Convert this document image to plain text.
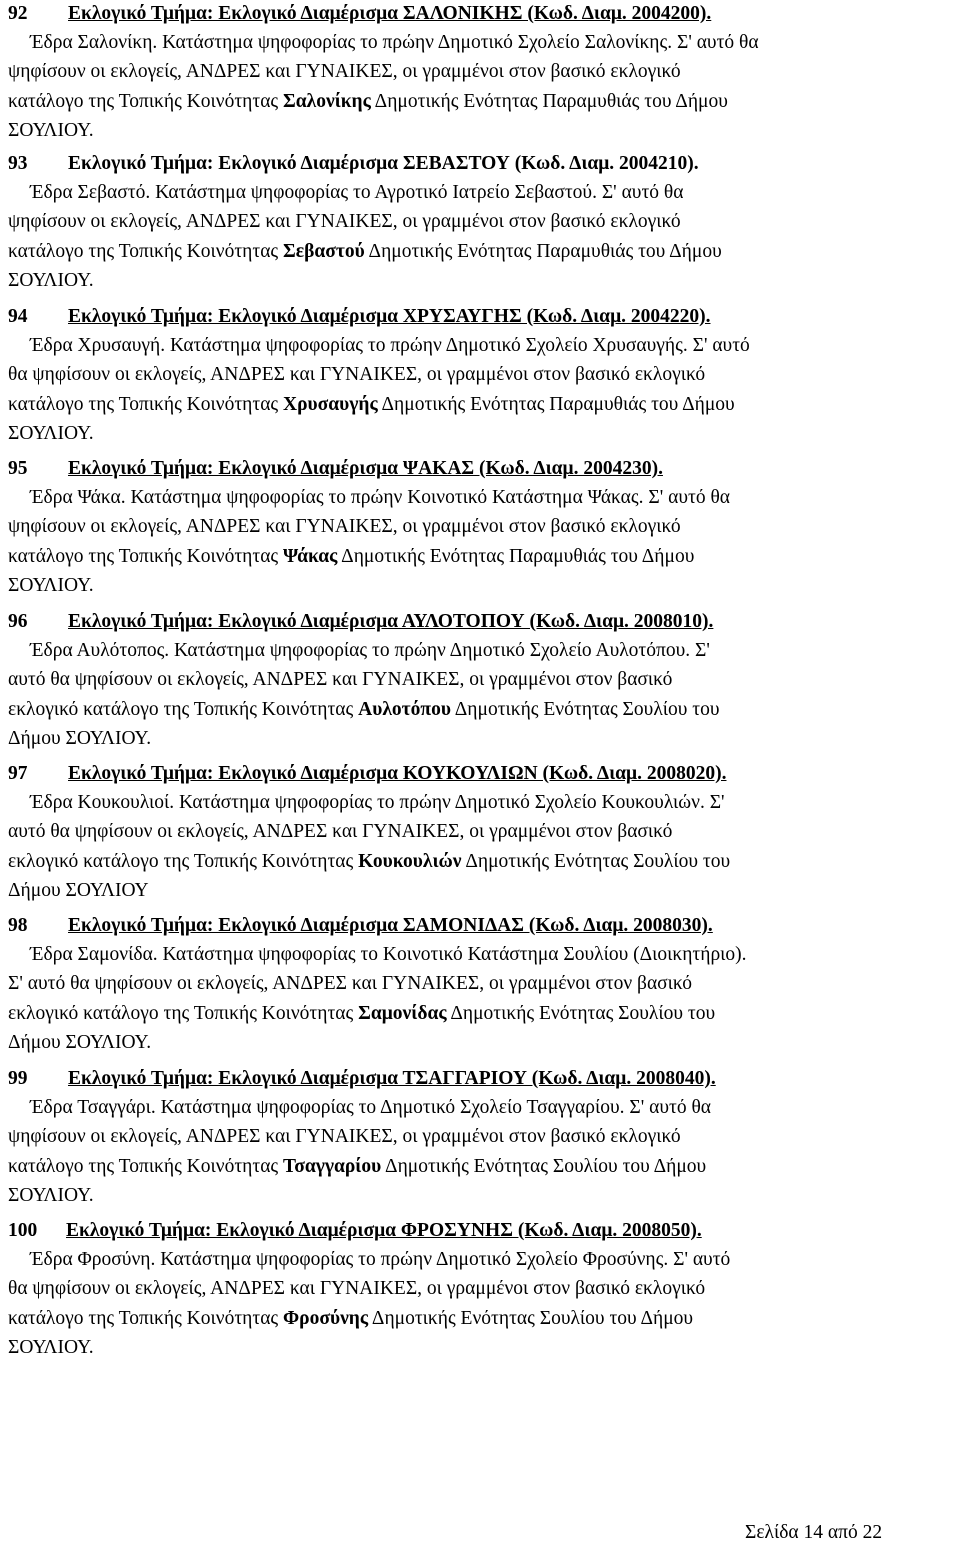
92 Εκλογικό Τμήμα: Εκλογικό Διαμέρισμα ΣΑΛΟΝΙΚΗΣ (Κωδ. Διαμ. 2004200).
Έδρα Σαλονίκη. Κατάστημα ψηφοφορίας το πρώην Δημοτικό Σχολείο Σαλονίκης. Σ' αυτό θα
ψηφίσουν οι εκλογείς, ΑΝΔΡΕΣ και ΓΥΝΑΙΚΕΣ, οι γραμμένοι στον βασικό εκλογικό
κατάλογο της Τοπικής Κοινότητας Σαλονίκης Δημοτικής Ενότητας Παραμυθιάς του Δήμου
ΣΟΥΛΙΟΥ.
93 Εκλογικό Τμήμα: Εκλογικό Διαμέρισμα ΣΕΒΑΣΤΟΥ (Κωδ. Διαμ. 2004210).
Έδρα Σεβαστό. Κατάστημα ψηφοφορίας το Αγροτικό Ιατρείο Σεβαστού. Σ' αυτό θα
ψηφίσουν οι εκλογείς, ΑΝΔΡΕΣ και ΓΥΝΑΙΚΕΣ, οι γραμμένοι στον βασικό εκλογικό
κατάλογο της Τοπικής Κοινότητας Σεβαστού Δημοτικής Ενότητας Παραμυθιάς του Δήμου
ΣΟΥΛΙΟΥ.
94 Εκλογικό Τμήμα: Εκλογικό Διαμέρισμα ΧΡΥΣΑΥΓΗΣ (Κωδ. Διαμ. 2004220).
Έδρα Χρυσαυγή. Κατάστημα ψηφοφορίας το πρώην Δημοτικό Σχολείο Χρυσαυγής. Σ' αυτό
θα ψηφίσουν οι εκλογείς, ΑΝΔΡΕΣ και ΓΥΝΑΙΚΕΣ, οι γραμμένοι στον βασικό εκλογικό
κατάλογο της Τοπικής Κοινότητας Χρυσαυγής Δημοτικής Ενότητας Παραμυθιάς του Δήμου
ΣΟΥΛΙΟΥ.
95 Εκλογικό Τμήμα: Εκλογικό Διαμέρισμα ΨΑΚΑΣ (Κωδ. Διαμ. 2004230).
Έδρα Ψάκα. Κατάστημα ψηφοφορίας το πρώην Κοινοτικό Κατάστημα Ψάκας. Σ' αυτό θα
ψηφίσουν οι εκλογείς, ΑΝΔΡΕΣ και ΓΥΝΑΙΚΕΣ, οι γραμμένοι στον βασικό εκλογικό
κατάλογο της Τοπικής Κοινότητας Ψάκας Δημοτικής Ενότητας Παραμυθιάς του Δήμου
ΣΟΥΛΙΟΥ.
96 Εκλογικό Τμήμα: Εκλογικό Διαμέρισμα ΑΥΛΟΤΟΠΟΥ (Κωδ. Διαμ. 2008010).
Έδρα Αυλότοπος. Κατάστημα ψηφοφορίας το πρώην Δημοτικό Σχολείο Αυλοτόπου. Σ'
αυτό θα ψηφίσουν οι εκλογείς, ΑΝΔΡΕΣ και ΓΥΝΑΙΚΕΣ, οι γραμμένοι στον βασικό
εκλογικό κατάλογο της Τοπικής Κοινότητας Αυλοτόπου Δημοτικής Ενότητας Σουλίου του
Δήμου ΣΟΥΛΙΟΥ.
97 Εκλογικό Τμήμα: Εκλογικό Διαμέρισμα ΚΟΥΚΟΥΛΙΩΝ (Κωδ. Διαμ. 2008020).
Έδρα Κουκουλιοί. Κατάστημα ψηφοφορίας το πρώην Δημοτικό Σχολείο Κουκουλιών. Σ'
αυτό θα ψηφίσουν οι εκλογείς, ΑΝΔΡΕΣ και ΓΥΝΑΙΚΕΣ, οι γραμμένοι στον βασικό
εκλογικό κατάλογο της Τοπικής Κοινότητας Κουκουλιών Δημοτικής Ενότητας Σουλίου του
Δήμου ΣΟΥΛΙΟΥ
98 Εκλογικό Τμήμα: Εκλογικό Διαμέρισμα ΣΑΜΟΝΙΔΑΣ (Κωδ. Διαμ. 2008030).
Έδρα Σαμονίδα. Κατάστημα ψηφοφορίας το Κοινοτικό Κατάστημα Σουλίου (Διοικητήριο).
Σ' αυτό θα ψηφίσουν οι εκλογείς, ΑΝΔΡΕΣ και ΓΥΝΑΙΚΕΣ, οι γραμμένοι στον βασικό
εκλογικό κατάλογο της Τοπικής Κοινότητας Σαμονίδας Δημοτικής Ενότητας Σουλίου του
Δήμου ΣΟΥΛΙΟΥ.
99 Εκλογικό Τμήμα: Εκλογικό Διαμέρισμα ΤΣΑΓΓΑΡΙΟΥ (Κωδ. Διαμ. 2008040).
Έδρα Τσαγγάρι. Κατάστημα ψηφοφορίας το Δημοτικό Σχολείο Τσαγγαρίου. Σ' αυτό θα
ψηφίσουν οι εκλογείς, ΑΝΔΡΕΣ και ΓΥΝΑΙΚΕΣ, οι γραμμένοι στον βασικό εκλογικό
κατάλογο της Τοπικής Κοινότητας Τσαγγαρίου Δημοτικής Ενότητας Σουλίου του Δήμου
ΣΟΥΛΙΟΥ.
100 Εκλογικό Τμήμα: Εκλογικό Διαμέρισμα ΦΡΟΣΥΝΗΣ (Κωδ. Διαμ. 2008050).
Έδρα Φροσύνη. Κατάστημα ψηφοφορίας το πρώην Δημοτικό Σχολείο Φροσύνης. Σ' αυτό
θα ψηφίσουν οι εκλογείς, ΑΝΔΡΕΣ και ΓΥΝΑΙΚΕΣ, οι γραμμένοι στον βασικό εκλογικό
κατάλογο της Τοπικής Κοινότητας Φροσύνης Δημοτικής Ενότητας Σουλίου του Δήμου
ΣΟΥΛΙΟΥ.
Σελίδα 14 από 22
